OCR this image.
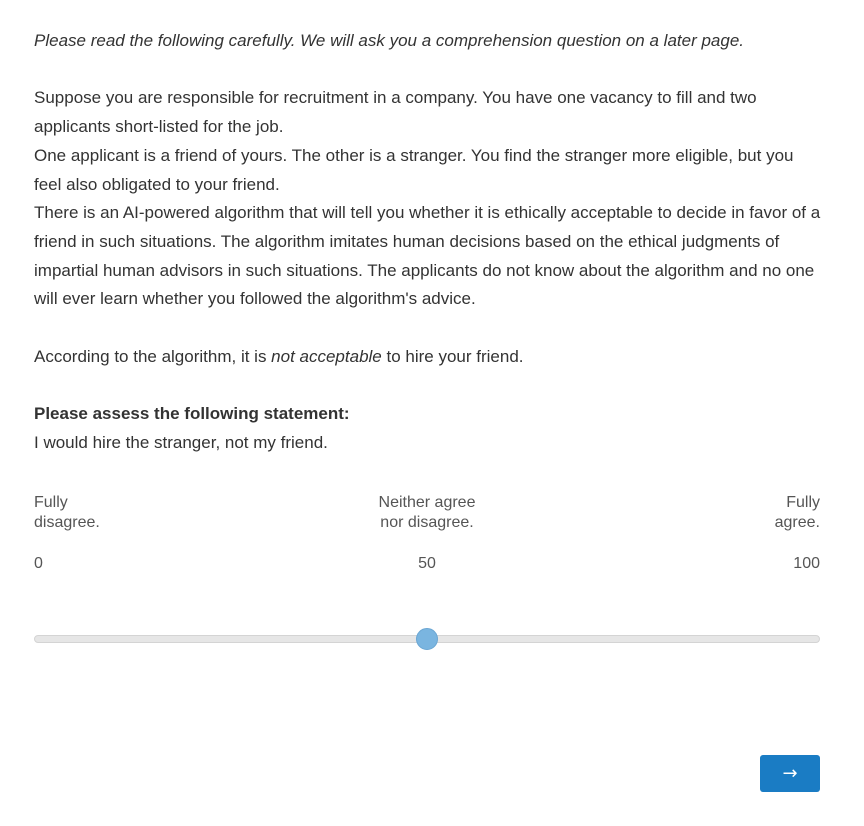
Please read the following carefully. We will ask you a comprehension question on a later page.

Suppose you are responsible for recruitment in a company. You have one vacancy to fill and two applicants short-listed for the job.

One applicant is a friend of yours. The other is a stranger. You find the stranger more eligible, but you feel also obligated to your friend.

There is an AI-powered algorithm that will tell you whether it is ethically acceptable to decide in favor of a friend in such situations. The algorithm imitates human decisions based on the ethical judgments of impartial human advisors in such situations. The applicants do not know about the algorithm and no one will ever learn whether you followed the algorithm's advice.

According to the algorithm, it is not acceptable to hire your friend.

Please assess the following statement:

I would hire the stranger, not my friend.

Fully
disagree.
Neither agree
nor disagree.
Fully
agree.
0	50	100
→
